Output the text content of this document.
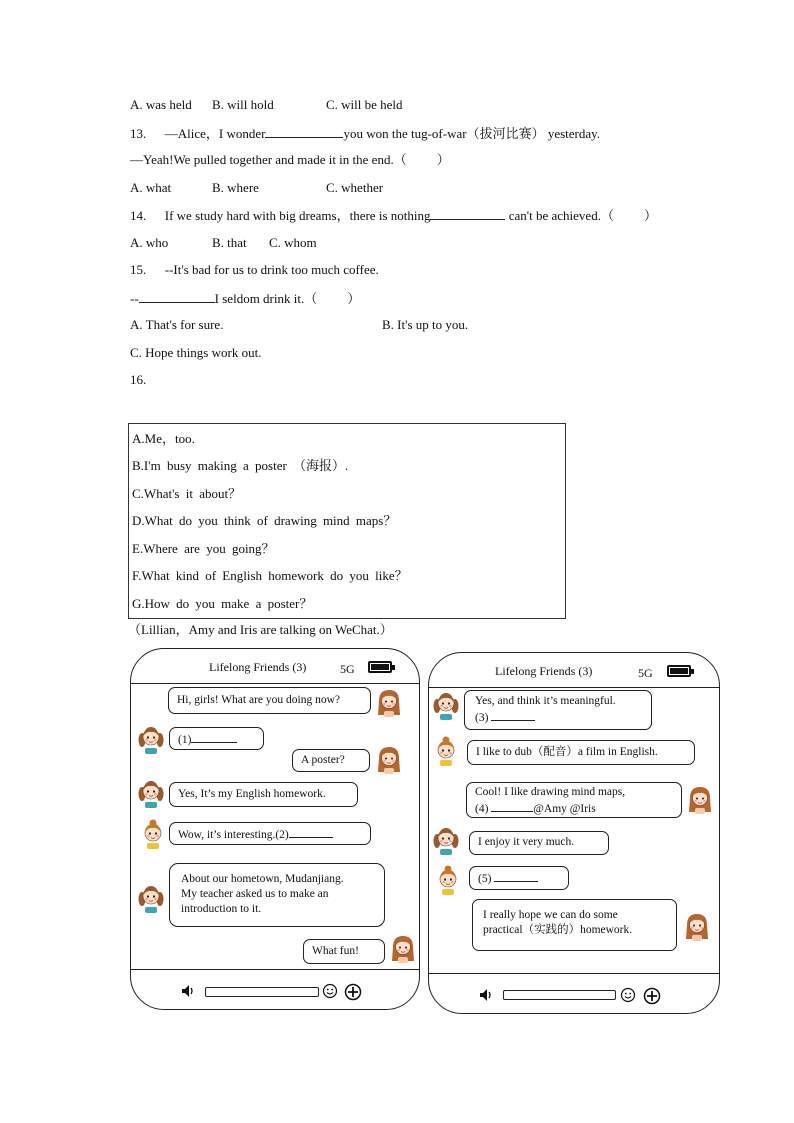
A. was held B. will hold	C. will be held
13. —Alice，I wonder	you won the tug-of-war（拔河比赛） yesterday.
—Yeah!We pulled together and made it in the end.（ ）
A. what	B. where	C. whether
14. If we study hard with big dreams，there is nothing	can't be achieved.（ ）
A. who	B. that C. whom
15. --It's bad for us to drink too much coffee.
--	I seldom drink it.（ ）
A. That's for sure.	B. It's up to you.
C. Hope things work out.
16.
A.Me，too.
B.I'm busy making a poster （海报）.
C.What's it about？
D.What do you think of drawing mind maps？
E.Where are you going？
F.What kind of English homework do you like？
G.How do you make a poster？
（Lillian，Amy and Iris are talking on WeChat.）
Lifelong Friends (3)	5G
Hi, girls! What are you doing now?
(1)
A poster?
Yes, It’s my English homework.
Wow, it’s interesting.(2)
About our hometown, Mudanjiang.
My teacher asked us to make an
introduction to it.
What fun!
Lifelong Friends (3)	5G
Yes, and think it’s meaningful.
(3)
I like to dub（配音）a film in English.
Cool! I like drawing mind maps,
(4)	@Amy @Iris
I enjoy it very much.
(5)
I really hope we can do some
practical（实践的）homework.
